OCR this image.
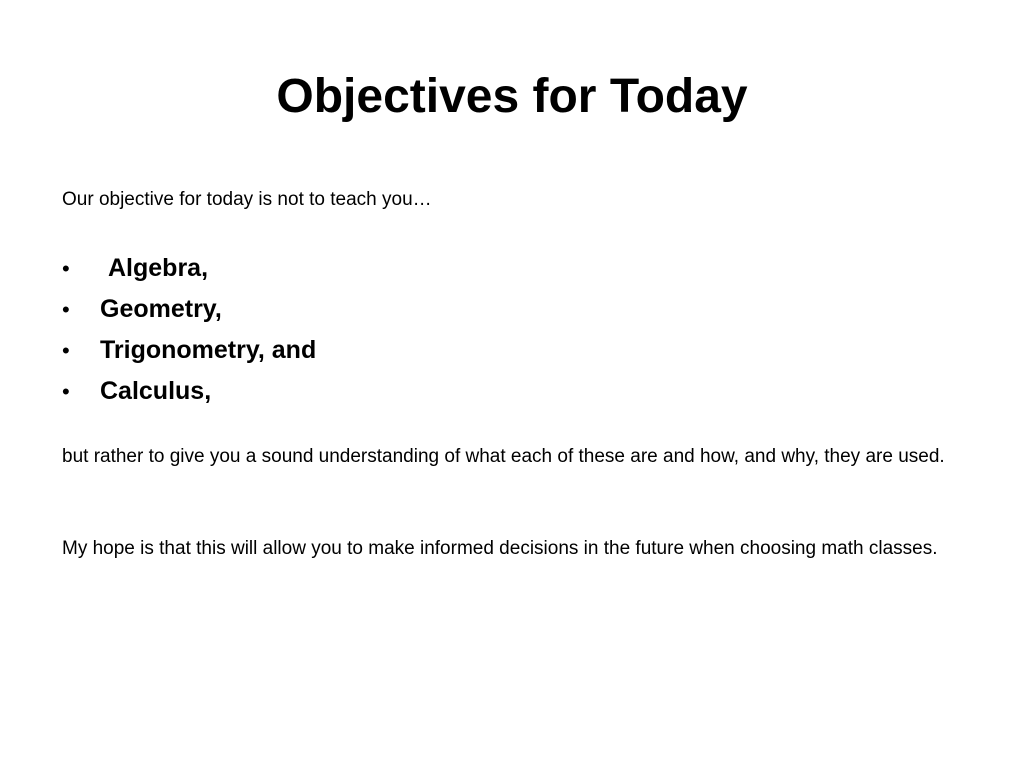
Objectives for Today
Our objective for today is not to teach you…
• Algebra,
• Geometry,
• Trigonometry, and
• Calculus,
but rather to give you a sound understanding of what each of these are and how, and why, they are used.
My hope is that this will allow you to make informed decisions in the future when choosing math classes.
